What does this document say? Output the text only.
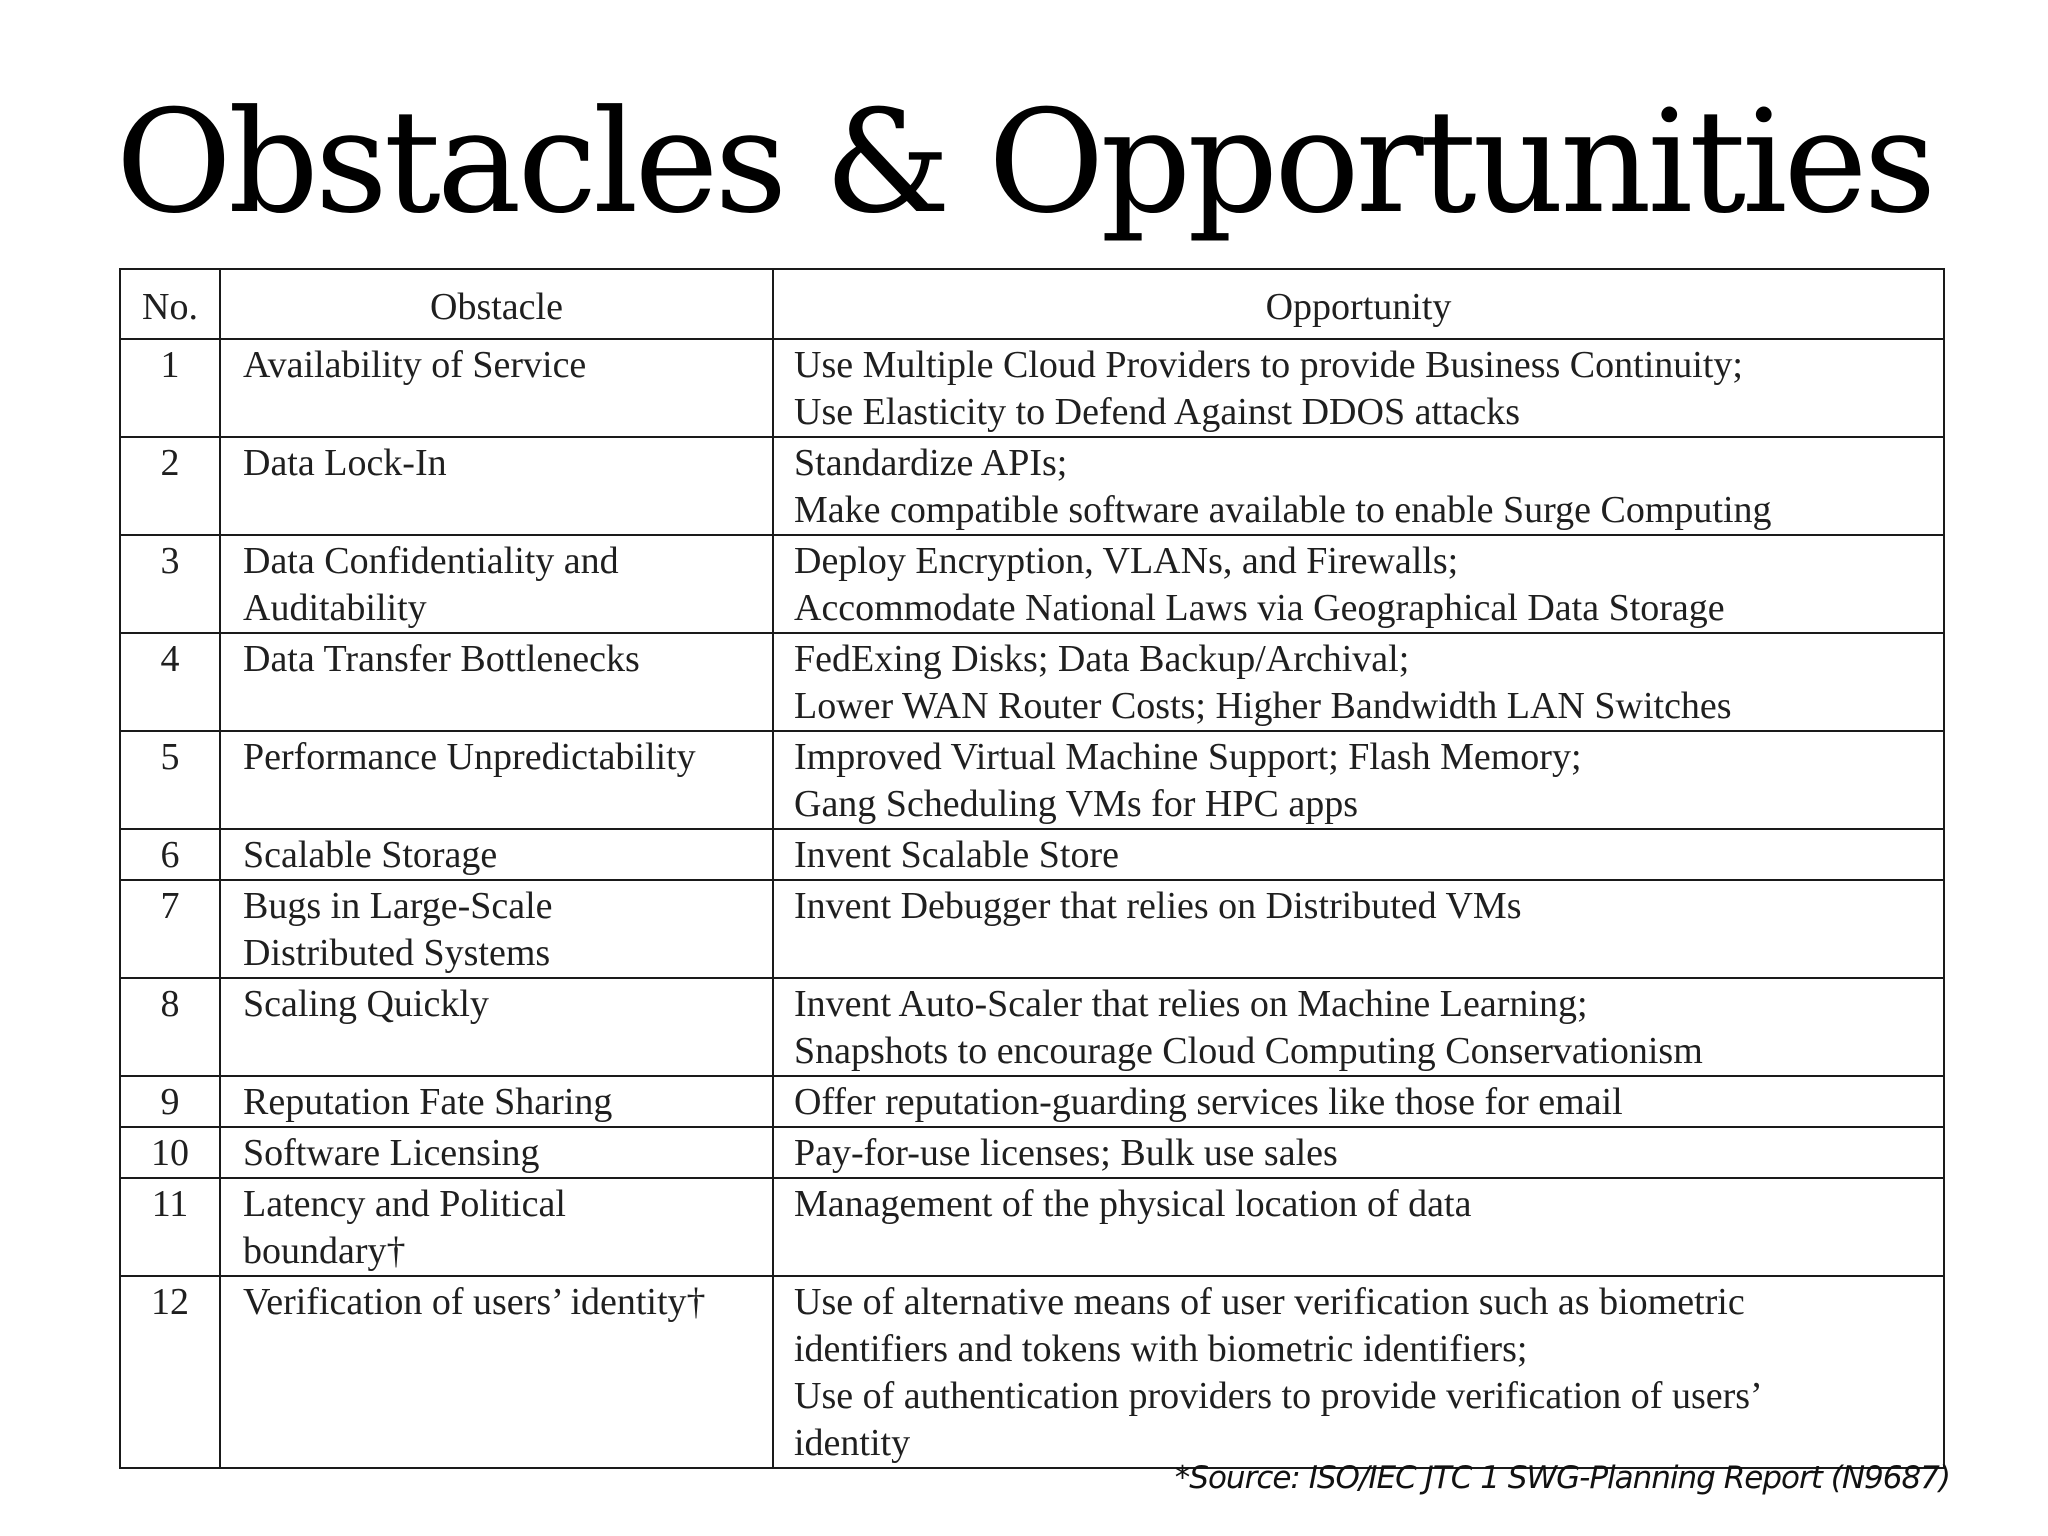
Obstacles & Opportunities
No.	Obstacle	Opportunity
1	Availability of Service	Use Multiple Cloud Providers to provide Business Continuity;
Use Elasticity to Defend Against DDOS attacks

2	Data Lock-In	Standardize APIs;
Make compatible software available to enable Surge Computing

3	Data Confidentiality and
Auditability	Deploy Encryption, VLANs, and Firewalls;
Accommodate National Laws via Geographical Data Storage

4	Data Transfer Bottlenecks	FedExing Disks; Data Backup/Archival;
Lower WAN Router Costs; Higher Bandwidth LAN Switches

5	Performance Unpredictability	Improved Virtual Machine Support; Flash Memory;
Gang Scheduling VMs for HPC apps

6	Scalable Storage	Invent Scalable Store

7	Bugs in Large-Scale
Distributed Systems	Invent Debugger that relies on Distributed VMs

8	Scaling Quickly	Invent Auto-Scaler that relies on Machine Learning;
Snapshots to encourage Cloud Computing Conservationism

9	Reputation Fate Sharing	Offer reputation-guarding services like those for email

10	Software Licensing	Pay-for-use licenses; Bulk use sales

11	Latency and Political
boundary†	Management of the physical location of data

12	Verification of users’ identity†	Use of alternative means of user verification such as biometric
identifiers and tokens with biometric identifiers;
Use of authentication providers to provide verification of users’
identity
*Source: ISO/IEC JTC 1 SWG-Planning Report (N9687)
